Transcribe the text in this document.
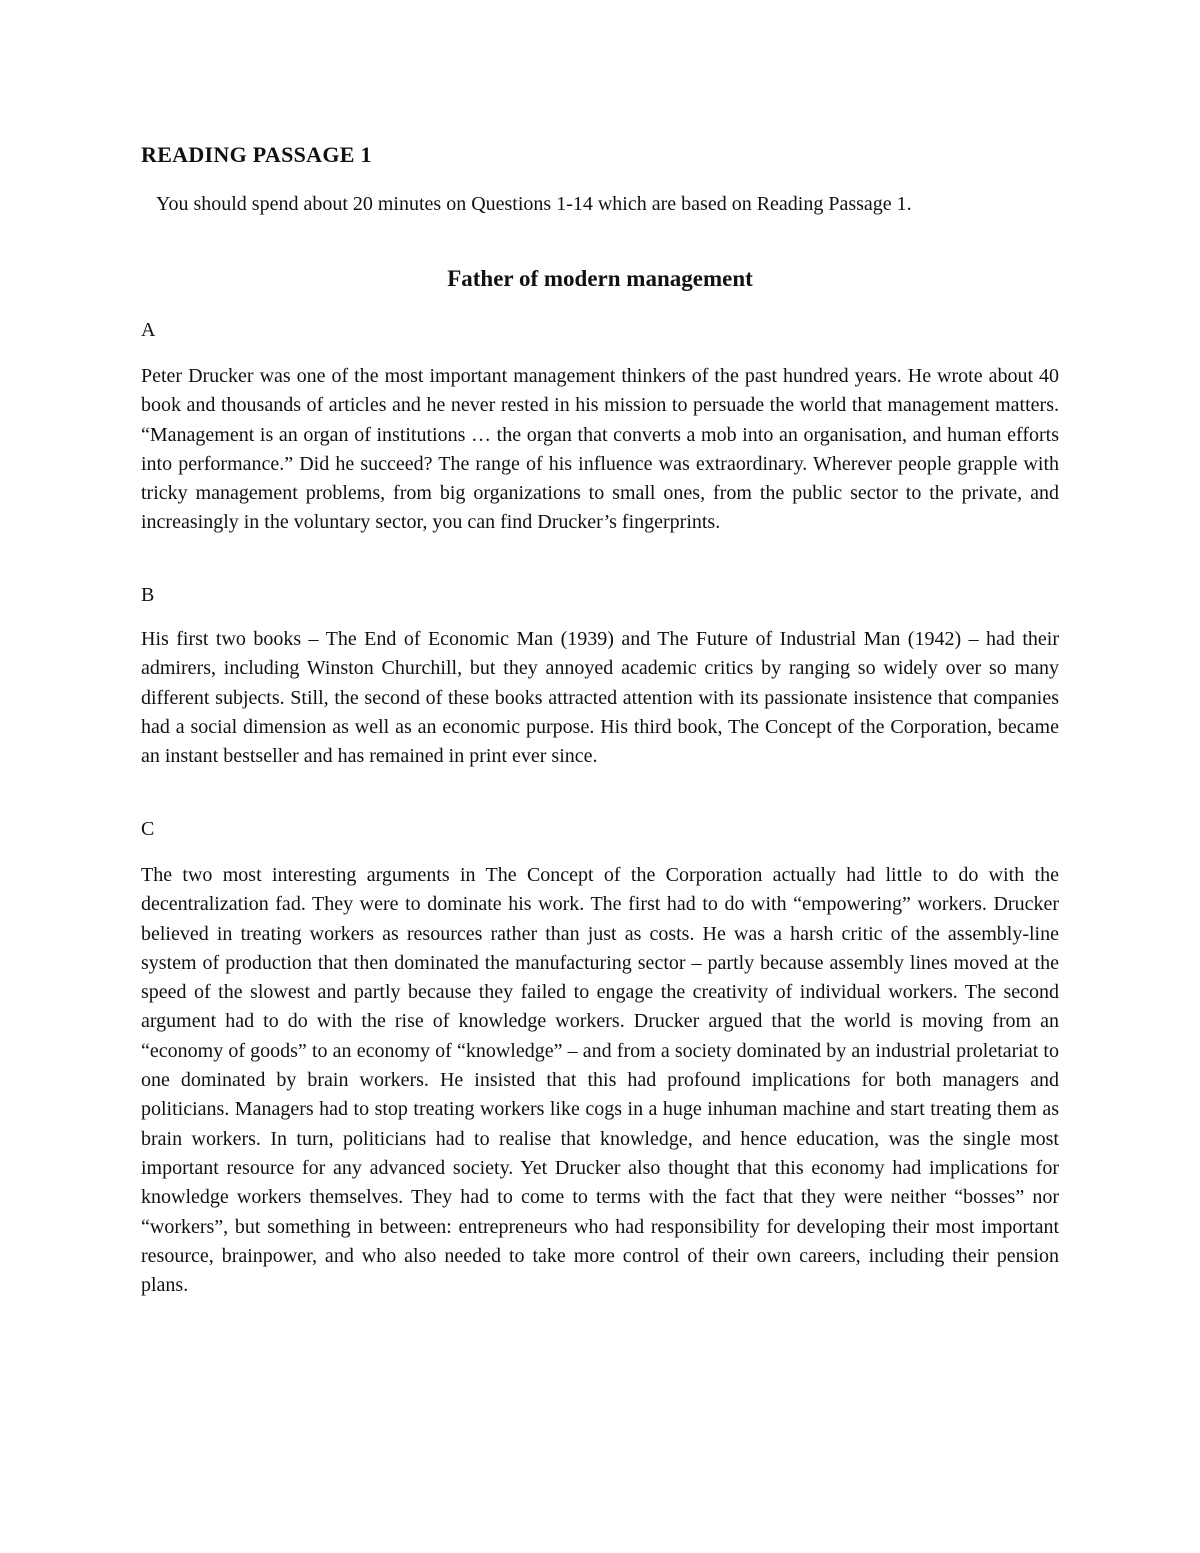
READING PASSAGE 1

You should spend about 20 minutes on Questions 1-14 which are based on Reading Passage 1.

Father of modern management

A

Peter Drucker was one of the most important management thinkers of the past hundred years. He wrote about 40 book and thousands of articles and he never rested in his mission to persuade the world that management matters. “Management is an organ of institutions … the organ that converts a mob into an organisation, and human efforts into performance.” Did he succeed? The range of his influence was extraordinary. Wherever people grapple with tricky management problems, from big organizations to small ones, from the public sector to the private, and increasingly in the voluntary sector, you can find Drucker’s fingerprints.

B

His first two books – The End of Economic Man (1939) and The Future of Industrial Man (1942) – had their admirers, including Winston Churchill, but they annoyed academic critics by ranging so widely over so many different subjects. Still, the second of these books attracted attention with its passionate insistence that companies had a social dimension as well as an economic purpose. His third book, The Concept of the Corporation, became an instant bestseller and has remained in print ever since.

C

The two most interesting arguments in The Concept of the Corporation actually had little to do with the decentralization fad. They were to dominate his work. The first had to do with “empowering” workers. Drucker believed in treating workers as resources rather than just as costs. He was a harsh critic of the assembly-line system of production that then dominated the manufacturing sector – partly because assembly lines moved at the speed of the slowest and partly because they failed to engage the creativity of individual workers. The second argument had to do with the rise of knowledge workers. Drucker argued that the world is moving from an “economy of goods” to an economy of “knowledge” – and from a society dominated by an industrial proletariat to one dominated by brain workers. He insisted that this had profound implications for both managers and politicians. Managers had to stop treating workers like cogs in a huge inhuman machine and start treating them as brain workers. In turn, politicians had to realise that knowledge, and hence education, was the single most important resource for any advanced society. Yet Drucker also thought that this economy had implications for knowledge workers themselves. They had to come to terms with the fact that they were neither “bosses” nor “workers”, but something in between: entrepreneurs who had responsibility for developing their most important resource, brainpower, and who also needed to take more control of their own careers, including their pension plans.
